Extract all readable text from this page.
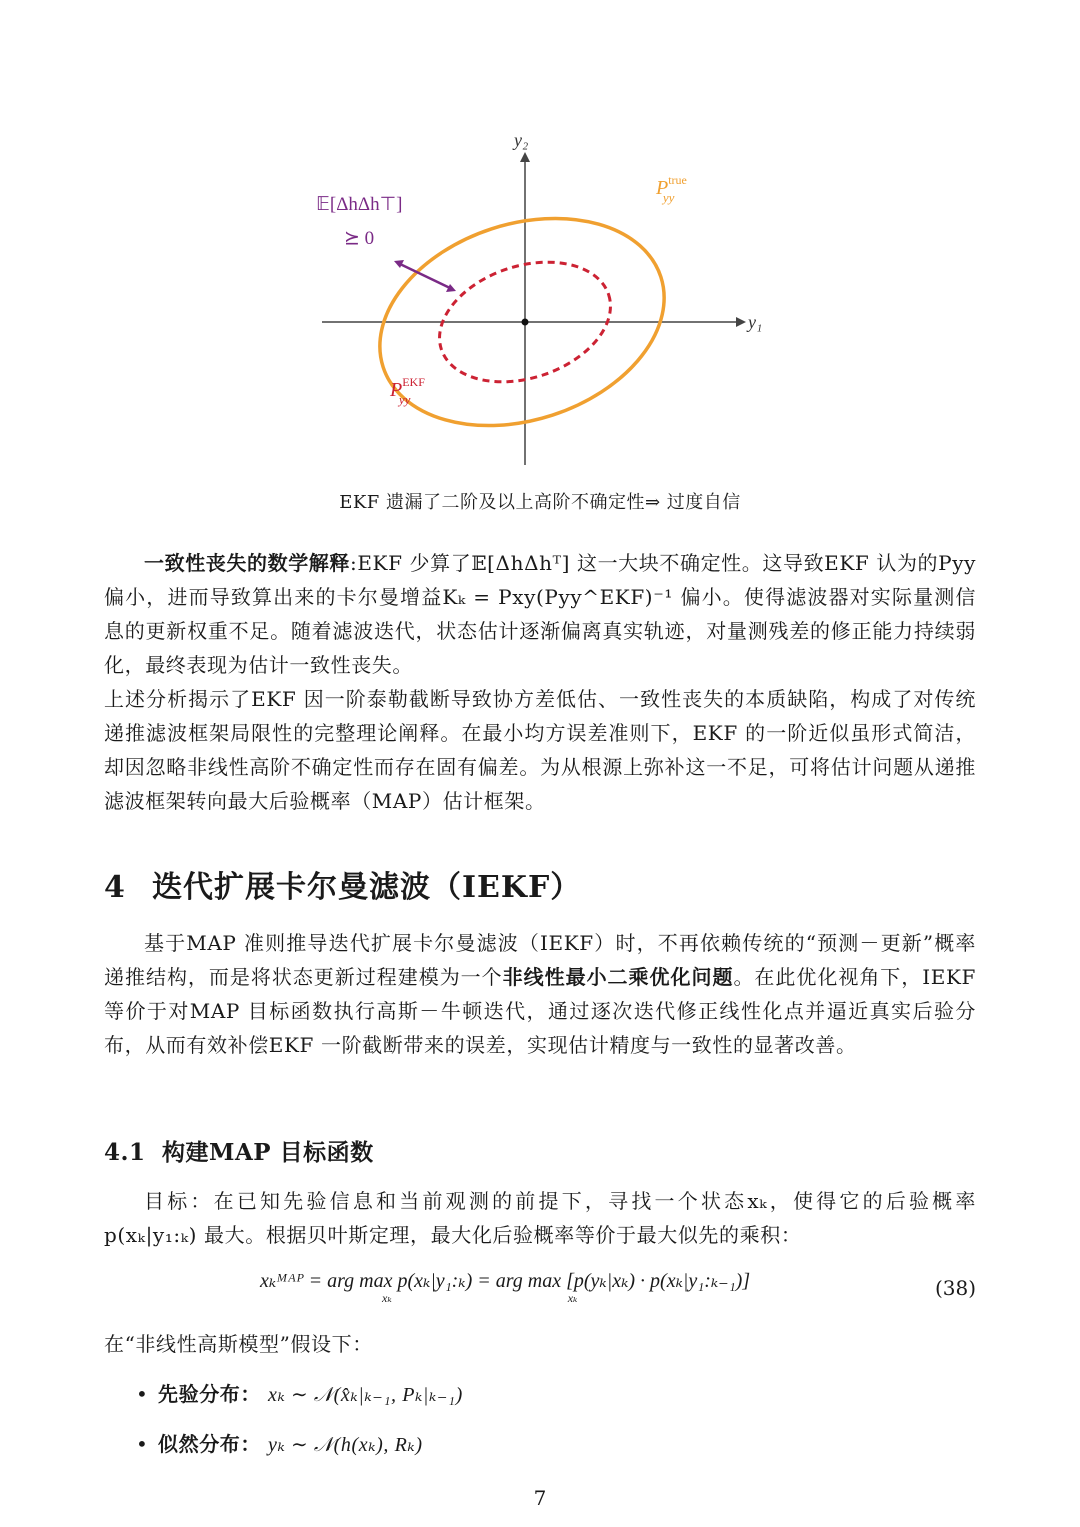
y₂
y₁
$P^{true}$ yy
$P^{EKF}$ yy
𝔼[ΔhΔh⊤]
⪰ 0
EKF 遗漏了二阶及以上高阶不确定性⇒ 过度自信
一致性丧失的数学解释:EKF 少算了𝔼[ΔhΔhᵀ] 这一大块不确定性。这导致EKF 认为的Pyy 偏小，进而导致算出来的卡尔曼增益Kₖ = Pxy(Pyy^EKF)⁻¹ 偏小。使得滤波器对实际量测信息的更新权重不足。随着滤波迭代，状态估计逐渐偏离真实轨迹，对量测残差的修正能力持续弱化，最终表现为估计一致性丧失。
上述分析揭示了EKF 因一阶泰勒截断导致协方差低估、一致性丧失的本质缺陷，构成了对传统递推滤波框架局限性的完整理论阐释。在最小均方误差准则下，EKF 的一阶近似虽形式简洁，却因忽略非线性高阶不确定性而存在固有偏差。为从根源上弥补这一不足，可将估计问题从递推滤波框架转向最大后验概率（MAP）估计框架。
4 迭代扩展卡尔曼滤波（IEKF）
基于MAP 准则推导迭代扩展卡尔曼滤波（IEKF）时，不再依赖传统的“预测－更新”概率递推结构，而是将状态更新过程建模为一个非线性最小二乘优化问题。在此优化视角下，IEKF 等价于对MAP 目标函数执行高斯－牛顿迭代，通过逐次迭代修正线性化点并逼近真实后验分布，从而有效补偿EKF 一阶截断带来的误差，实现估计精度与一致性的显著改善。
4.1 构建MAP 目标函数
目标：在已知先验信息和当前观测的前提下，寻找一个状态xₖ，使得它的后验概率p(xₖ|y₁:ₖ) 最大。根据贝叶斯定理，最大化后验概率等价于最大似先的乘积：
xₖᴹᴬᴾ = arg max p(xₖ|y₁:ₖ) = arg max [p(yₖ|xₖ) · p(xₖ|y₁:ₖ₋₁)]
xₖ	xₖ	(38)
在“非线性高斯模型”假设下：
• 先验分布： xₖ ∼ 𝒩(x̂ₖ|ₖ₋₁, Pₖ|ₖ₋₁)
• 似然分布： yₖ ∼ 𝒩(h(xₖ), Rₖ)
7
